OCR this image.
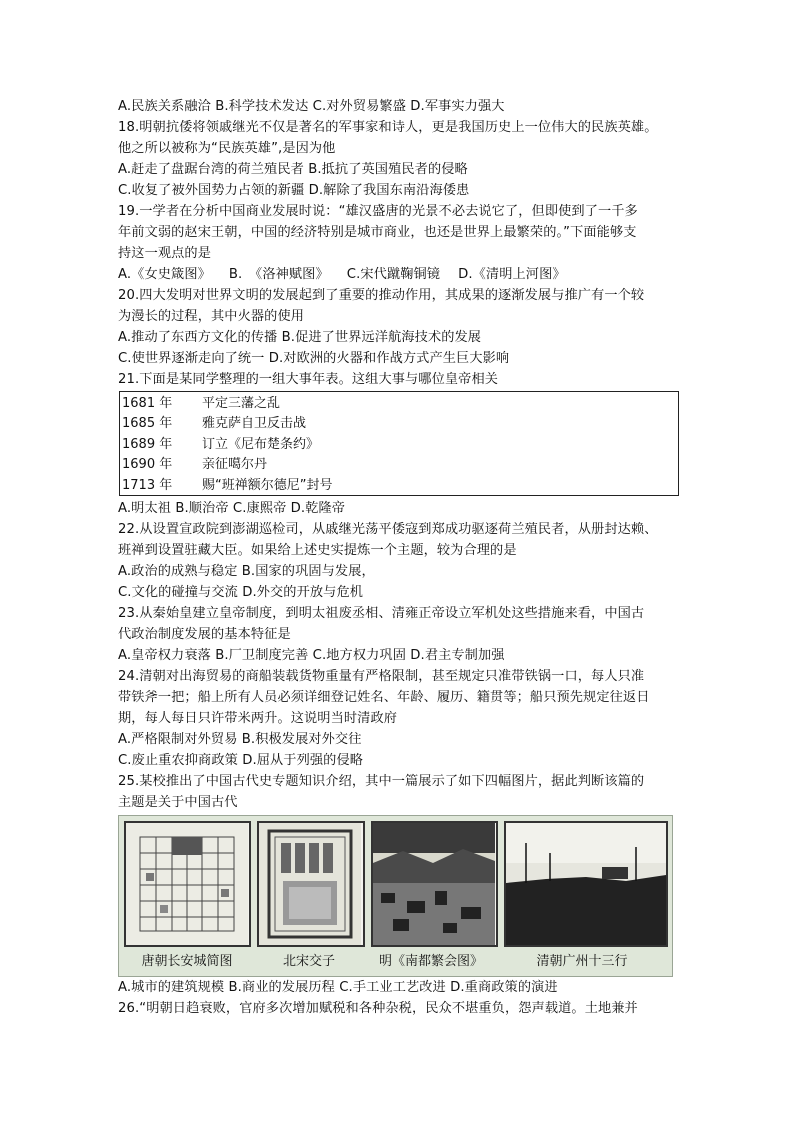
A.民族关系融洽 B.科学技术发达 C.对外贸易繁盛 D.军事实力强大
18.明朝抗倭将领戚继光不仅是著名的军事家和诗人，更是我国历史上一位伟大的民族英雄。
他之所以被称为“民族英雄”,是因为他
A.赶走了盘踞台湾的荷兰殖民者 B.抵抗了英国殖民者的侵略
C.收复了被外国势力占领的新疆 D.解除了我国东南沿海倭患
19.一学者在分析中国商业发展时说：“雄汉盛唐的光景不必去说它了，但即使到了一千多
年前文弱的赵宋王朝，中国的经济特别是城市商业，也还是世界上最繁荣的。”下面能够支
持这一观点的是
A.《女史箴图》 B.　《洛神赋图》 C.宋代蹴鞠铜镜 D.《清明上河图》
20.四大发明对世界文明的发展起到了重要的推动作用，其成果的逐渐发展与推广有一个较
为漫长的过程，其中火器的使用
A.推动了东西方文化的传播 B.促进了世界远洋航海技术的发展
C.使世界逐渐走向了统一 D.对欧洲的火器和作战方式产生巨大影响
21.下面是某同学整理的一组大事年表。这组大事与哪位皇帝相关
1681 年	平定三藩之乱
1685 年	雅克萨自卫反击战
1689 年	订立《尼布楚条约》
1690 年	亲征噶尔丹
1713 年	赐“班禅额尔德尼”封号
A.明太祖 B.顺治帝 C.康熙帝 D.乾隆帝
22.从设置宣政院到澎湖巡检司，从戚继光荡平倭寇到郑成功驱逐荷兰殖民者，从册封达赖、
班禅到设置驻藏大臣。如果给上述史实提炼一个主题，较为合理的是
A.政治的成熟与稳定 B.国家的巩固与发展，
C.文化的碰撞与交流 D.外交的开放与危机
23.从秦始皇建立皇帝制度，到明太祖废丞相、清雍正帝设立军机处这些措施来看，中国古
代政治制度发展的基本特征是
A.皇帝权力衰落 B.厂卫制度完善 C.地方权力巩固 D.君主专制加强
24.清朝对出海贸易的商船装载货物重量有严格限制，甚至规定只准带铁锅一口，每人只准
带铁斧一把；船上所有人员必须详细登记姓名、年龄、履历、籍贯等；船只预先规定往返日
期，每人每日只许带米两升。这说明当时清政府
A.严格限制对外贸易 B.积极发展对外交往
C.废止重农抑商政策 D.屈从于列强的侵略
25.某校推出了中国古代史专题知识介绍，其中一篇展示了如下四幅图片，据此判断该篇的
主题是关于中国古代
唐朝长安城简图	北宋交子	明《南都繁会图》	清朝广州十三行
A.城市的建筑规模 B.商业的发展历程 C.手工业工艺改进 D.重商政策的演进
26.“明朝日趋衰败，官府多次增加赋税和各种杂税，民众不堪重负，怨声载道。土地兼并
